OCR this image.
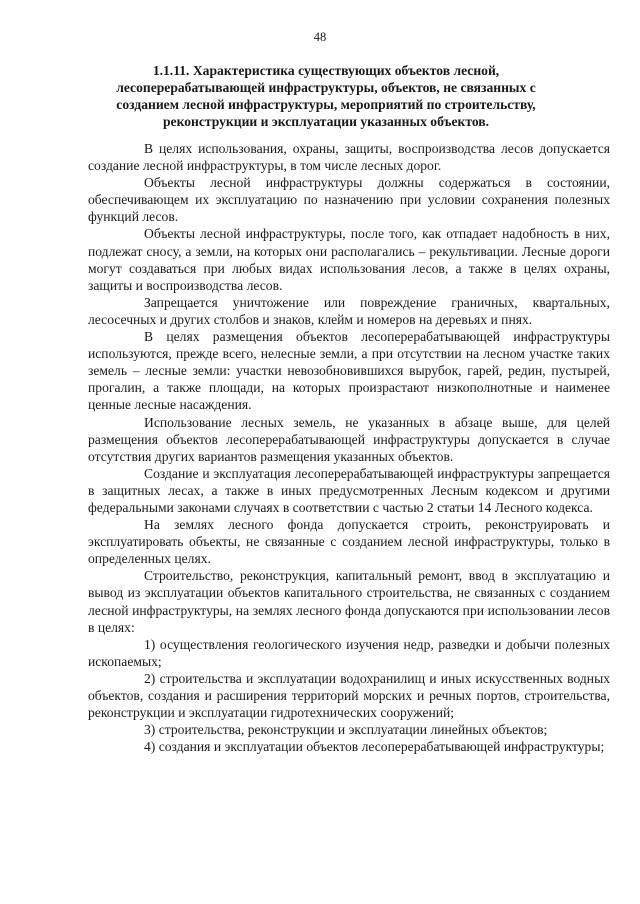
48
1.1.11. Характеристика существующих объектов лесной, лесоперерабатывающей инфраструктуры, объектов, не связанных с созданием лесной инфраструктуры, мероприятий по строительству, реконструкции и эксплуатации указанных объектов.

В целях использования, охраны, защиты, воспроизводства лесов допускается создание лесной инфраструктуры, в том числе лесных дорог.

Объекты лесной инфраструктуры должны содержаться в состоянии, обеспечивающем их эксплуатацию по назначению при условии сохранения полезных функций лесов.

Объекты лесной инфраструктуры, после того, как отпадает надобность в них, подлежат сносу, а земли, на которых они располагались – рекультивации. Лесные дороги могут создаваться при любых видах использования лесов, а также в целях охраны, защиты и воспроизводства лесов.

Запрещается уничтожение или повреждение граничных, квартальных, лесосечных и других столбов и знаков, клейм и номеров на деревьях и пнях.

В целях размещения объектов лесоперерабатывающей инфраструктуры используются, прежде всего, нелесные земли, а при отсутствии на лесном участке таких земель – лесные земли: участки невозобновившихся вырубок, гарей, редин, пустырей, прогалин, а также площади, на которых произрастают низкополнотные и наименее ценные лесные насаждения.

Использование лесных земель, не указанных в абзаце выше, для целей размещения объектов лесоперерабатывающей инфраструктуры допускается в случае отсутствия других вариантов размещения указанных объектов.

Создание и эксплуатация лесоперерабатывающей инфраструктуры запрещается в защитных лесах, а также в иных предусмотренных Лесным кодексом и другими федеральными законами случаях в соответствии с частью 2 статьи 14 Лесного кодекса.

На землях лесного фонда допускается строить, реконструировать и эксплуатировать объекты, не связанные с созданием лесной инфраструктуры, только в определенных целях.

Строительство, реконструкция, капитальный ремонт, ввод в эксплуатацию и вывод из эксплуатации объектов капитального строительства, не связанных с созданием лесной инфраструктуры, на землях лесного фонда допускаются при использовании лесов в целях:

1) осуществления геологического изучения недр, разведки и добычи полезных ископаемых;

2) строительства и эксплуатации водохранилищ и иных искусственных водных объектов, создания и расширения территорий морских и речных портов, строительства, реконструкции и эксплуатации гидротехнических сооружений;

3) строительства, реконструкции и эксплуатации линейных объектов;

4) создания и эксплуатации объектов лесоперерабатывающей инфраструктуры;
